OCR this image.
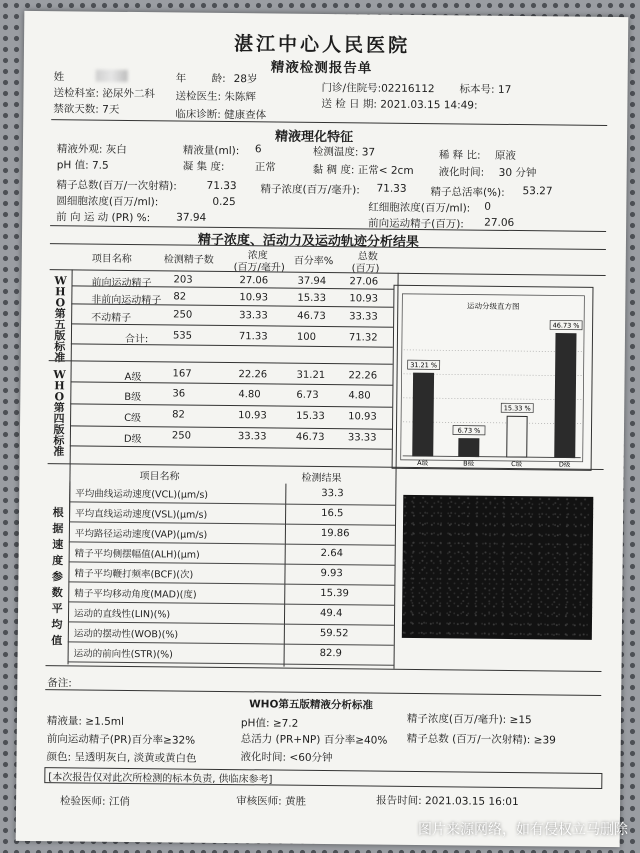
湛江中心人民医院
精液检测报告单
姓	年 龄: 28岁
门诊/住院号:02216112 标本号: 17
送检科室: 泌尿外二科 送检医生: 朱陈辉
送 检 日 期: 2021.03.15 14:49:
禁欲天数: 7天	临床诊断: 健康查体
精液理化特征
精液外观: 灰白	精液量(ml): 6	检测温度: 37	稀 释 比: 原液
pH 值: 7.5	凝 集 度:	正常	黏 稠 度: 正常< 2cm 液化时间: 30 分钟
精子总数(百万/一次射精):	71.33 精子浓度(百万/毫升): 71.33 精子总活率(%): 53.27
圆细胞浓度(百万/ml):	0.25	红细胞浓度(百万/ml): 0
前 向 运 动 (PR) %: 37.94	前向运动精子(百万): 27.06
精子浓度、活动力及运动轨迹分析结果
项目名称	检测精子数	浓度
(百万/毫升)
百分率% 总数
(百万)
W
H
O
第
五
版
标
准
前向运动精子 203	27.06	37.94 27.06
非前向运动精子 82	10.93	15.33 10.93
不动精子	250	33.33	46.73 33.33
合计: 535	71.33	100	71.32
W
H
O
第
四
版
标
准
A级	167	22.26	31.21 22.26
B级	36	4.80	6.73	4.80
C级	82	10.93	15.33 10.93
D级	250	33.33	46.73 33.33
运动分级直方图
31.21 %
A级
6.73 %
B级
15.33 %
C级
46.73 %
D级
项目名称	检测结果
根
据
速
度
参
数
平
均
值
平均曲线运动速度(VCL)(μm/s)	33.3
平均直线运动速度(VSL)(μm/s)	16.5
平均路径运动速度(VAP)(μm/s)	19.86
精子平均侧摆幅值(ALH)(μm)	2.64
精子平均鞭打频率(BCF)(次)	9.93
精子平均移动角度(MAD)(度)	15.39
运动的直线性(LIN)(%)	49.4
运动的摆动性(WOB)(%)	59.52
运动的前向性(STR)(%)	82.9
备注:
WHO第五版精液分析标准
精液量: ≥1.5ml	pH值: ≥7.2	精子浓度(百万/毫升): ≥15
前向运动精子(PR)百分率≥32%	总活力 (PR+NP) 百分率≥40% 精子总数 (百万/一次射精): ≥39
颜色: 呈透明灰白, 淡黄或黄白色	液化时间: <60分钟
[本次报告仅对此次所检测的标本负责, 供临床参考]
检验医师: 江俏	审核医师: 黄胜	报告时间: 2021.03.15 16:01
图片来源网络，如有侵权立马删除
